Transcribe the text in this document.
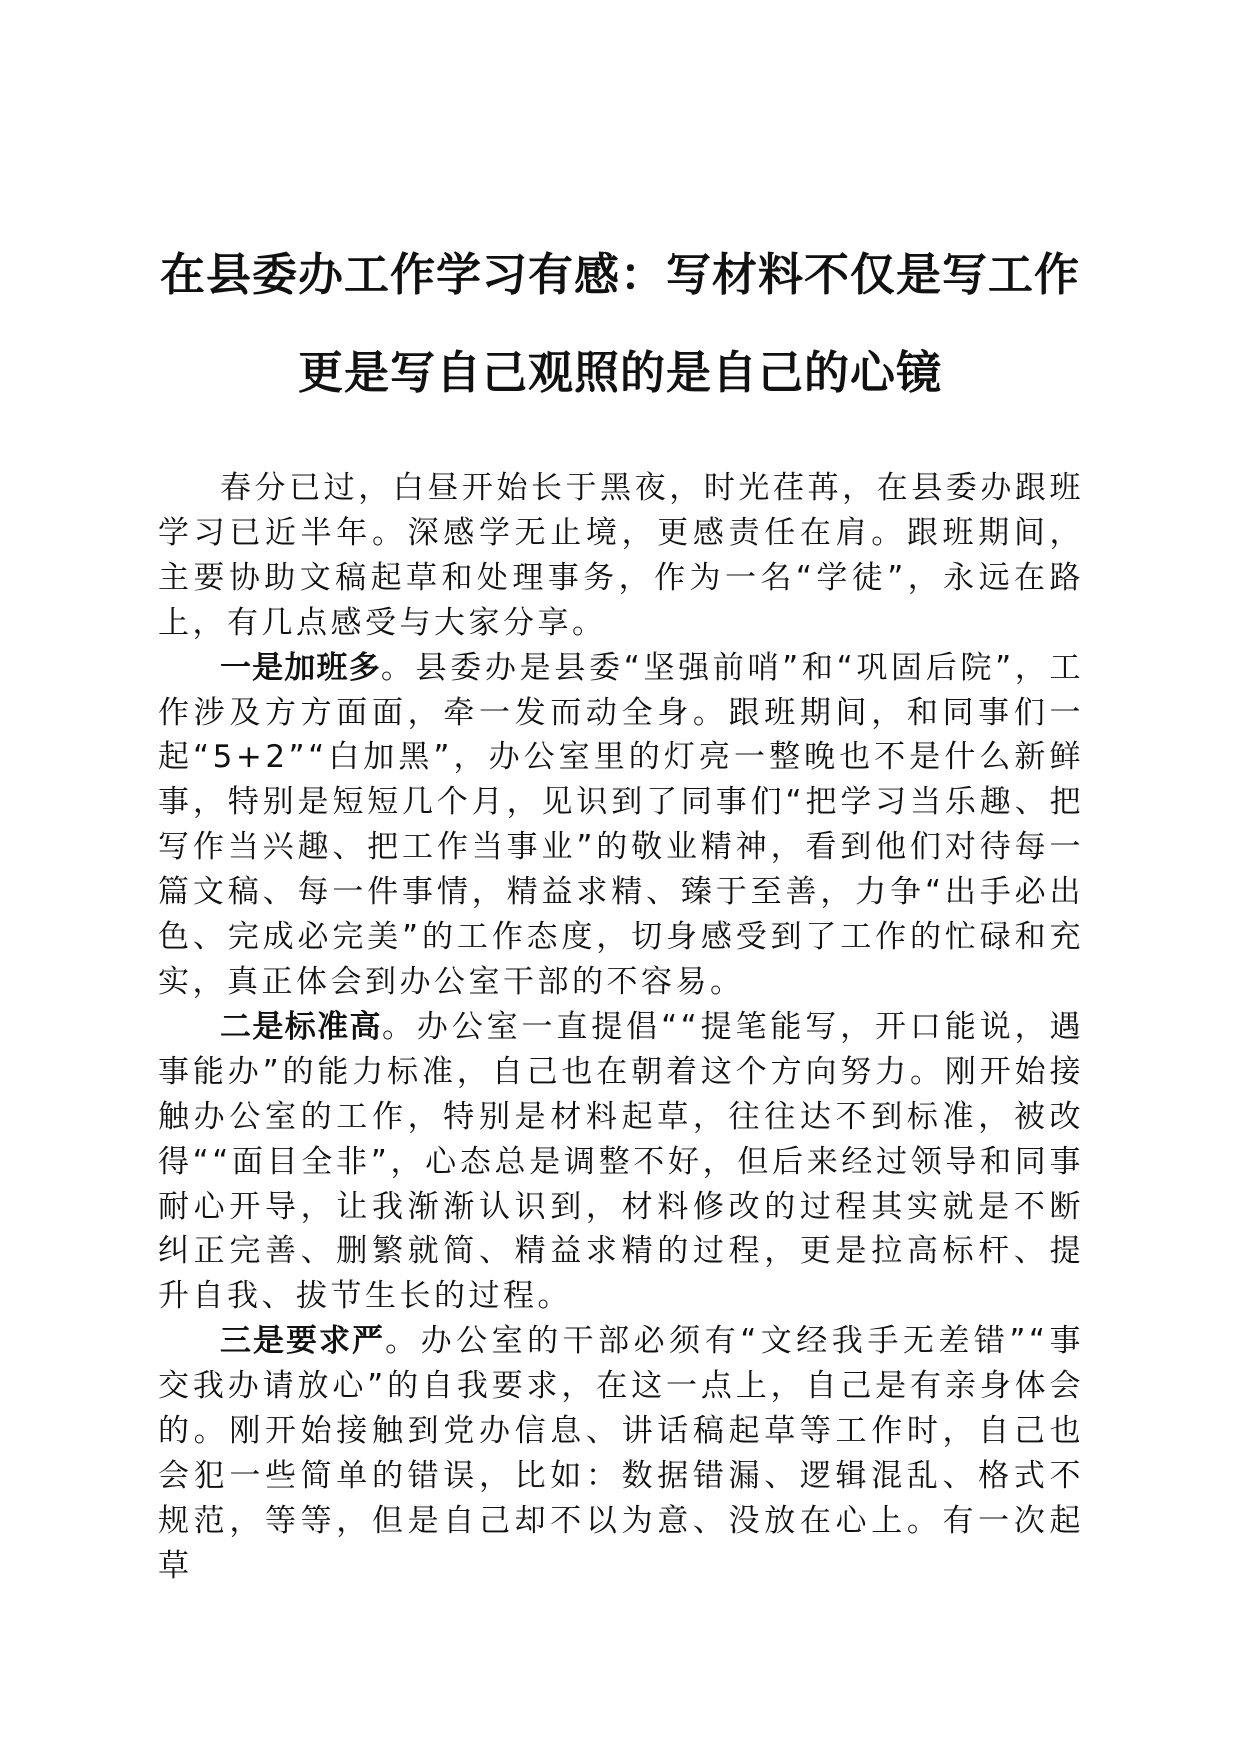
在县委办工作学习有感：写材料不仅是写工作
更是写自己观照的是自己的心镜

春分已过，白昼开始长于黑夜，时光荏苒，在县委办跟班学习已近半年。深感学无止境，更感责任在肩。跟班期间，主要协助文稿起草和处理事务，作为一名“学徒”，永远在路上，有几点感受与大家分享。

一是加班多。县委办是县委“坚强前哨”和“巩固后院”，工作涉及方方面面，牵一发而动全身。跟班期间，和同事们一起“5+2”“白加黑”，办公室里的灯亮一整晚也不是什么新鲜事，特别是短短几个月，见识到了同事们“把学习当乐趣、把写作当兴趣、把工作当事业”的敬业精神，看到他们对待每一篇文稿、每一件事情，精益求精、臻于至善，力争“出手必出色、完成必完美”的工作态度，切身感受到了工作的忙碌和充实，真正体会到办公室干部的不容易。

二是标准高。办公室一直提倡““提笔能写，开口能说，遇事能办”的能力标准，自己也在朝着这个方向努力。刚开始接触办公室的工作，特别是材料起草，往往达不到标准，被改得““面目全非”，心态总是调整不好，但后来经过领导和同事耐心开导，让我渐渐认识到，材料修改的过程其实就是不断纠正完善、删繁就简、精益求精的过程，更是拉高标杆、提升自我、拔节生长的过程。

三是要求严。办公室的干部必须有“文经我手无差错”“事交我办请放心”的自我要求，在这一点上，自己是有亲身体会的。刚开始接触到党办信息、讲话稿起草等工作时，自己也会犯一些简单的错误，比如：数据错漏、逻辑混乱、格式不规范，等等，但是自己却不以为意、没放在心上。有一次起草
